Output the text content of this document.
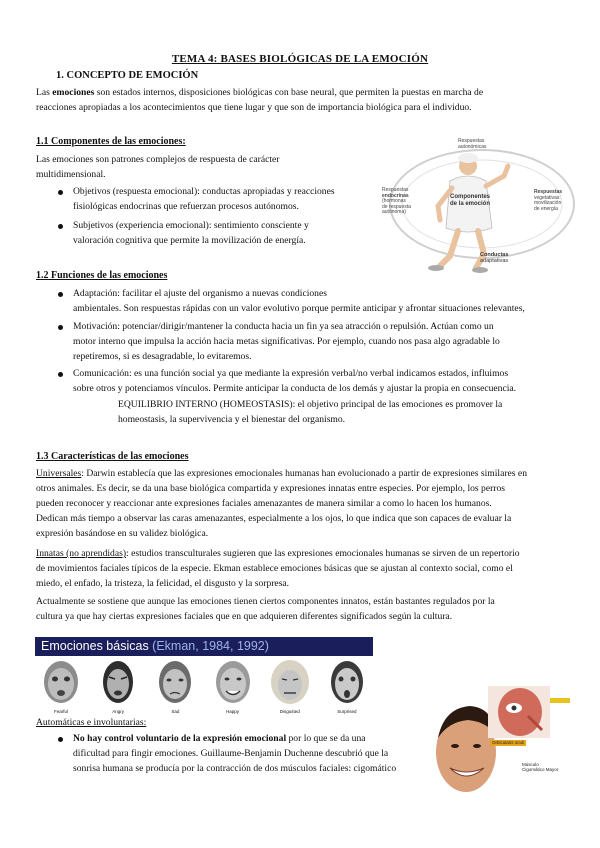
TEMA 4: BASES BIOLÓGICAS DE LA EMOCIÓN
1. CONCEPTO DE EMOCIÓN

Las emociones son estados internos, disposiciones biológicas con base neural, que permiten la puestas en marcha de

reacciones apropiadas a los acontecimientos que tiene lugar y que son de importancia biológica para el individuo.

1.1 Componentes de las emociones:

Las emociones son patrones complejos de respuesta de carácter

multidimensional.

Objetivos (respuesta emocional): conductas apropiadas y reacciones

fisiológicas endocrinas que refuerzan procesos autónomos.

Subjetivos (experiencia emocional): sentimiento consciente y

valoración cognitiva que permite la movilización de energía.

Respuestas

autonómicas

Respuestas

endocrinas

(hormonas

de respuesta

autónoma)

Componentes

de la emoción

Respuestas

vegetativas:

movilización

de energía

Conductas

adaptativas

1.2 Funciones de las emociones

Adaptación: facilitar el ajuste del organismo a nuevas condiciones

ambientales. Son respuestas rápidas con un valor evolutivo porque permite anticipar y afrontar situaciones relevantes,

Motivación: potenciar/dirigir/mantener la conducta hacia un fin ya sea atracción o repulsión. Actúan como un

motor interno que impulsa la acción hacia metas significativas. Por ejemplo, cuando nos pasa algo agradable lo

repetiremos, si es desagradable, lo evitaremos.

Comunicación: es una función social ya que mediante la expresión verbal/no verbal indicamos estados, influimos

sobre otros y potenciamos vínculos. Permite anticipar la conducta de los demás y ajustar la propia en consecuencia.

EQUILIBRIO INTERNO (HOMEOSTASIS): el objetivo principal de las emociones es promover la

homeostasis, la supervivencia y el bienestar del organismo.

1.3 Características de las emociones

Universales: Darwin establecía que las expresiones emocionales humanas han evolucionado a partir de expresiones similares en

otros animales. Es decir, se da una base biológica compartida y expresiones innatas entre especies. Por ejemplo, los perros

pueden reconocer y reaccionar ante expresiones faciales amenazantes de manera similar a como lo hacen los humanos.

Dedican más tiempo a observar las caras amenazantes, especialmente a los ojos, lo que indica que son capaces de evaluar la

expresión basándose en su validez biológica.

Innatas (no aprendidas): estudios transculturales sugieren que las expresiones emocionales humanas se sirven de un repertorio

de movimientos faciales típicos de la especie. Ekman establece emociones básicas que se ajustan al contexto social, como el

miedo, el enfado, la tristeza, la felicidad, el disgusto y la sorpresa.

Actualmente se sostiene que aunque las emociones tienen ciertos componentes innatos, están bastantes regulados por la

cultura ya que hay ciertas expresiones faciales que en que adquieren diferentes significados según la cultura.

Emociones básicas (Ekman, 1984, 1992)
Fearful	Angry	Sad	Happy	Disgusted	Surprised
Automáticas e involuntarias:

No hay control voluntario de la expresión emocional por lo que se da una

dificultad para fingir emociones. Guillaume-Benjamin Duchenne descubrió que la

sonrisa humana se producía por la contracción de dos músculos faciales: cigomático

Orbicularis oculi

Músculo

Cigomático Mayor
